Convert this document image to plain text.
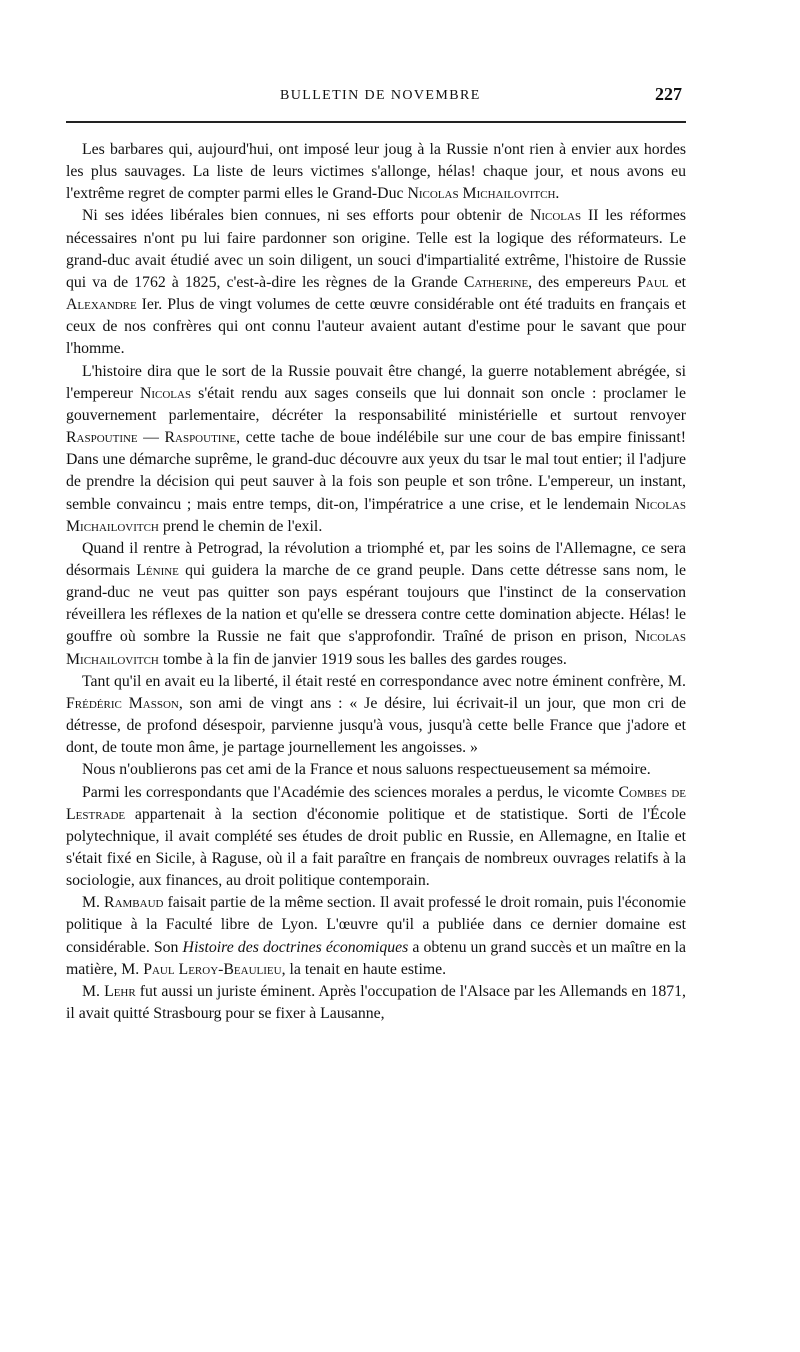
BULLETIN DE NOVEMBRE	227

Les barbares qui, aujourd'hui, ont imposé leur joug à la Russie n'ont rien à envier aux hordes les plus sauvages. La liste de leurs victimes s'allonge, hélas! chaque jour, et nous avons eu l'extrême regret de compter parmi elles le Grand-Duc Nicolas Michailovitch.

Ni ses idées libérales bien connues, ni ses efforts pour obtenir de Nicolas II les réformes nécessaires n'ont pu lui faire pardonner son origine. Telle est la logique des réformateurs. Le grand-duc avait étudié avec un soin diligent, un souci d'impartialité extrême, l'histoire de Russie qui va de 1762 à 1825, c'est-à-dire les règnes de la Grande Catherine, des empereurs Paul et Alexandre Ier. Plus de vingt volumes de cette œuvre considérable ont été traduits en français et ceux de nos confrères qui ont connu l'auteur avaient autant d'estime pour le savant que pour l'homme.

L'histoire dira que le sort de la Russie pouvait être changé, la guerre notablement abrégée, si l'empereur Nicolas s'était rendu aux sages conseils que lui donnait son oncle : proclamer le gouvernement parlementaire, décréter la responsabilité ministérielle et surtout renvoyer Raspoutine — Raspoutine, cette tache de boue indélébile sur une cour de bas empire finissant! Dans une démarche suprême, le grand-duc découvre aux yeux du tsar le mal tout entier; il l'adjure de prendre la décision qui peut sauver à la fois son peuple et son trône. L'empereur, un instant, semble convaincu ; mais entre temps, dit-on, l'impératrice a une crise, et le lendemain Nicolas Michailovitch prend le chemin de l'exil.

Quand il rentre à Petrograd, la révolution a triomphé et, par les soins de l'Allemagne, ce sera désormais Lénine qui guidera la marche de ce grand peuple. Dans cette détresse sans nom, le grand-duc ne veut pas quitter son pays espérant toujours que l'instinct de la conservation réveillera les réflexes de la nation et qu'elle se dressera contre cette domination abjecte. Hélas! le gouffre où sombre la Russie ne fait que s'approfondir. Traîné de prison en prison, Nicolas Michailovitch tombe à la fin de janvier 1919 sous les balles des gardes rouges.

Tant qu'il en avait eu la liberté, il était resté en correspondance avec notre éminent confrère, M. Frédéric Masson, son ami de vingt ans : « Je désire, lui écrivait-il un jour, que mon cri de détresse, de profond désespoir, parvienne jusqu'à vous, jusqu'à cette belle France que j'adore et dont, de toute mon âme, je partage journellement les angoisses. »

Nous n'oublierons pas cet ami de la France et nous saluons respectueusement sa mémoire.

Parmi les correspondants que l'Académie des sciences morales a perdus, le vicomte Combes de Lestrade appartenait à la section d'économie politique et de statistique. Sorti de l'École polytechnique, il avait complété ses études de droit public en Russie, en Allemagne, en Italie et s'était fixé en Sicile, à Raguse, où il a fait paraître en français de nombreux ouvrages relatifs à la sociologie, aux finances, au droit politique contemporain.

M. Rambaud faisait partie de la même section. Il avait professé le droit romain, puis l'économie politique à la Faculté libre de Lyon. L'œuvre qu'il a publiée dans ce dernier domaine est considérable. Son Histoire des doctrines économiques a obtenu un grand succès et un maître en la matière, M. Paul Leroy-Beaulieu, la tenait en haute estime.

M. Lehr fut aussi un juriste éminent. Après l'occupation de l'Alsace par les Allemands en 1871, il avait quitté Strasbourg pour se fixer à Lausanne,
